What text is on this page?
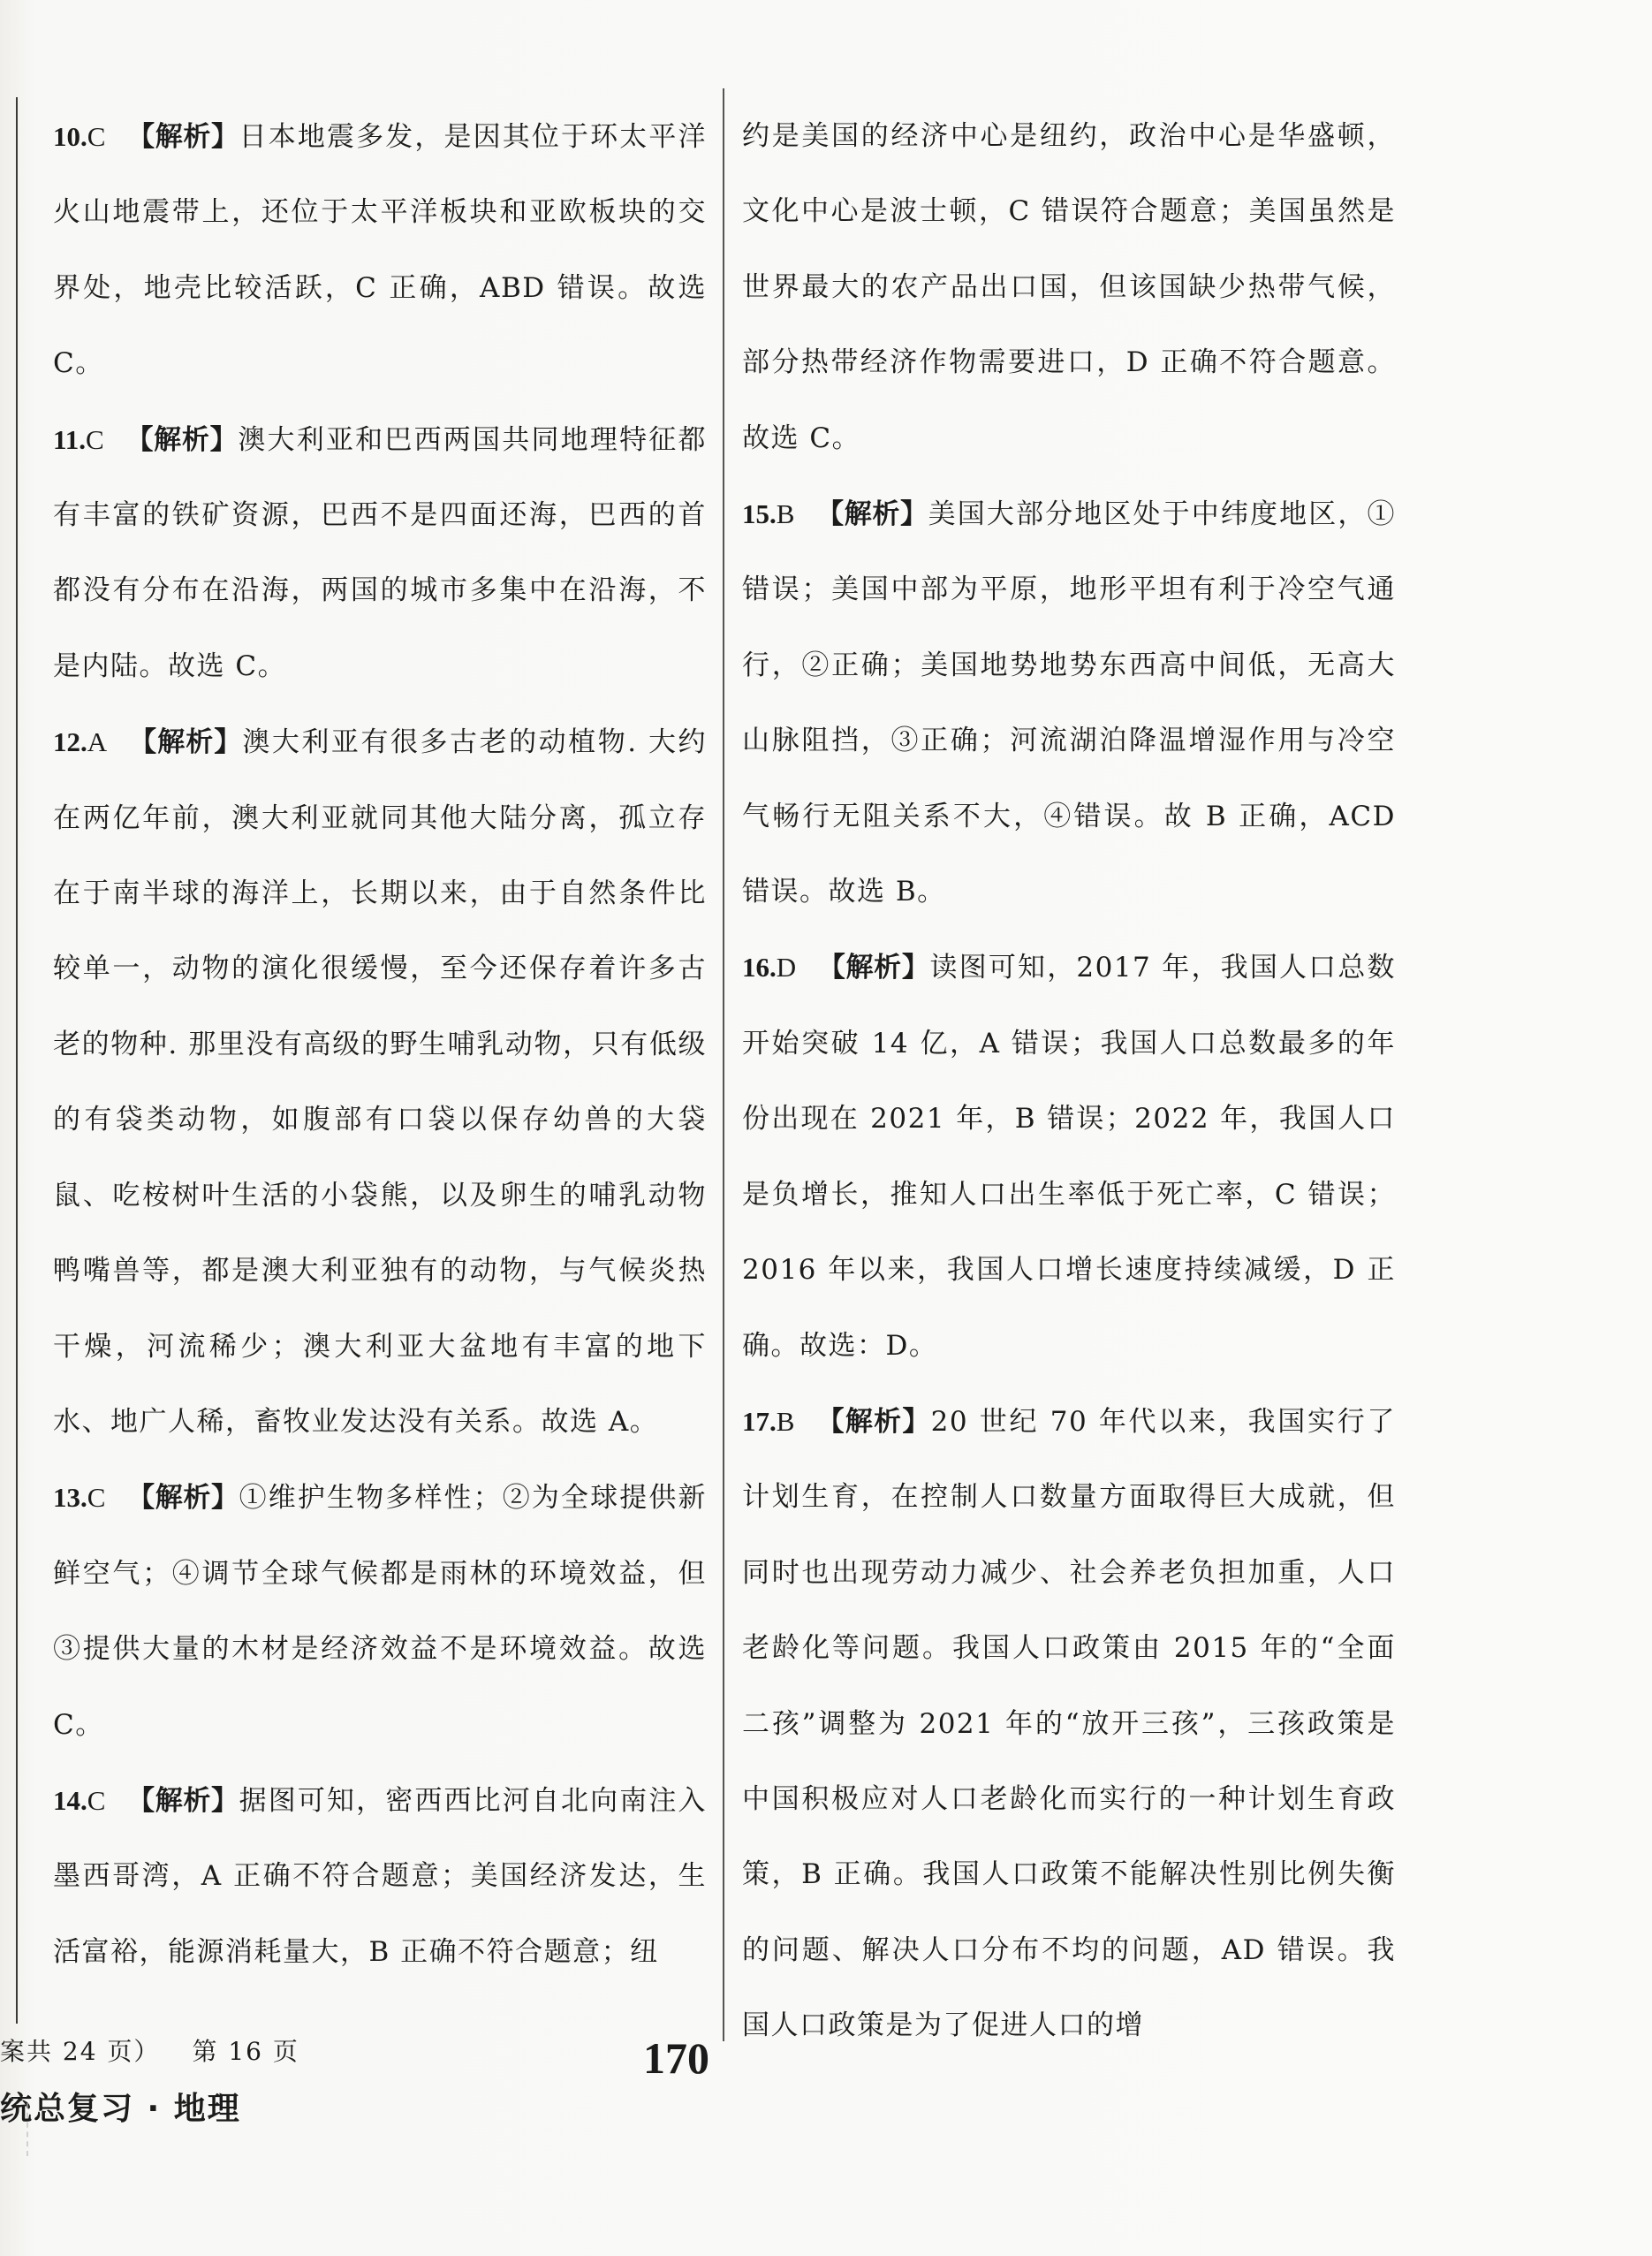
10.C 【解析】日本地震多发，是因其位于环太平洋火山地震带上，还位于太平洋板块和亚欧板块的交界处，地壳比较活跃，C 正确，ABD 错误。故选 C。

11.C 【解析】澳大利亚和巴西两国共同地理特征都有丰富的铁矿资源，巴西不是四面还海，巴西的首都没有分布在沿海，两国的城市多集中在沿海，不是内陆。故选 C。

12.A 【解析】澳大利亚有很多古老的动植物. 大约在两亿年前，澳大利亚就同其他大陆分离，孤立存在于南半球的海洋上，长期以来，由于自然条件比较单一，动物的演化很缓慢，至今还保存着许多古老的物种. 那里没有高级的野生哺乳动物，只有低级的有袋类动物，如腹部有口袋以保存幼兽的大袋鼠、吃桉树叶生活的小袋熊，以及卵生的哺乳动物鸭嘴兽等，都是澳大利亚独有的动物，与气候炎热干燥，河流稀少；澳大利亚大盆地有丰富的地下水、地广人稀，畜牧业发达没有关系。故选 A。

13.C 【解析】①维护生物多样性；②为全球提供新鲜空气；④调节全球气候都是雨林的环境效益，但③提供大量的木材是经济效益不是环境效益。故选 C。

14.C 【解析】据图可知，密西西比河自北向南注入墨西哥湾，A 正确不符合题意；美国经济发达，生活富裕，能源消耗量大，B 正确不符合题意；纽

约是美国的经济中心是纽约，政治中心是华盛顿，文化中心是波士顿，C 错误符合题意；美国虽然是世界最大的农产品出口国，但该国缺少热带气候，部分热带经济作物需要进口，D 正确不符合题意。故选 C。

15.B 【解析】美国大部分地区处于中纬度地区，①错误；美国中部为平原，地形平坦有利于冷空气通行，②正确；美国地势地势东西高中间低，无高大山脉阻挡，③正确；河流湖泊降温增湿作用与冷空气畅行无阻关系不大，④错误。故 B 正确，ACD 错误。故选 B。

16.D 【解析】读图可知，2017 年，我国人口总数开始突破 14 亿，A 错误；我国人口总数最多的年份出现在 2021 年，B 错误；2022 年，我国人口是负增长，推知人口出生率低于死亡率，C 错误；2016 年以来，我国人口增长速度持续减缓，D 正确。故选：D。

17.B 【解析】20 世纪 70 年代以来，我国实行了计划生育，在控制人口数量方面取得巨大成就，但同时也出现劳动力减少、社会养老负担加重，人口老龄化等问题。我国人口政策由 2015 年的“全面二孩”调整为 2021 年的“放开三孩”，三孩政策是中国积极应对人口老龄化而实行的一种计划生育政策，B 正确。我国人口政策不能解决性别比例失衡的问题、解决人口分布不均的问题，AD 错误。我国人口政策是为了促进人口的增

案共 24 页） 第 16 页
统总复习 · 地理
170
